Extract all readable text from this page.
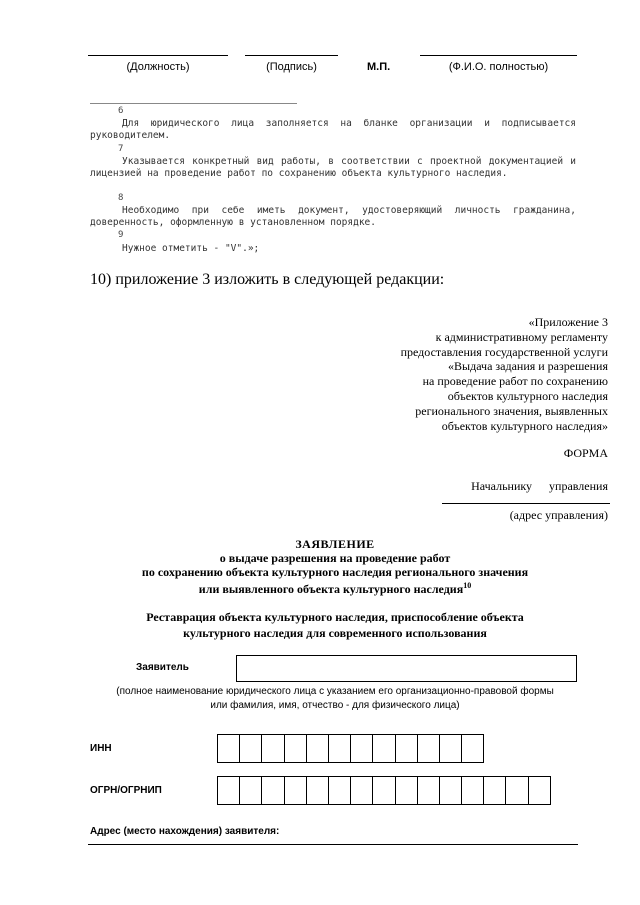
(Должность)	(Подпись)	М.П.	(Ф.И.О. полностью)
6
Для юридического лица заполняется на бланке организации и подписывается руководителем.
7
Указывается конкретный вид работы, в соответствии с проектной документацией и лицензией на проведение работ по сохранению объекта культурного наследия.
8
Необходимо при себе иметь документ, удостоверяющий личность гражданина, доверенность, оформленную в установленном порядке.
9
Нужное отметить - "V".»;
10) приложение 3 изложить в следующей редакции:
«Приложение 3
к административному регламенту
предоставления государственной услуги
«Выдача задания и разрешения
на проведение работ по сохранению
объектов культурного наследия
регионального значения, выявленных
объектов культурного наследия»
ФОРМА
Начальнику управления
(адрес управления)
ЗАЯВЛЕНИЕ
о выдаче разрешения на проведение работ
по сохранению объекта культурного наследия регионального значения
или выявленного объекта культурного наследия$^{10}$
Реставрация объекта культурного наследия, приспособление объекта
культурного наследия для современного использования
Заявитель
(полное наименование юридического лица с указанием его организационно-правовой формы
или фамилия, имя, отчество - для физического лица)
ИНН
ОГРН/ОГРНИП
Адрес (место нахождения) заявителя:
